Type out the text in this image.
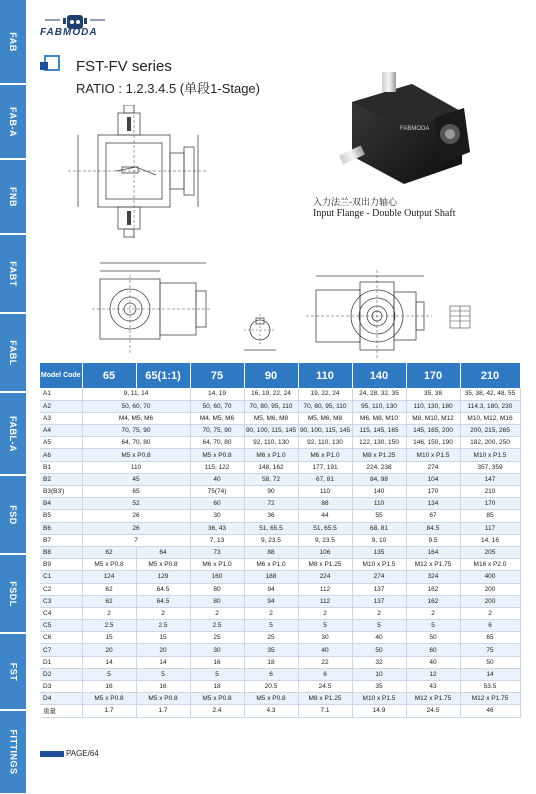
FAB
FAB-A
FNB
FABT
FABL
FABL-A
FSD
FSDL
FST
FITTINGS
FABMODA
FST-FV series
RATIO : 1.2.3.4.5 (单段1-Stage)
FABMODA
入力法兰-双出力轴心
Input Flange - Double Output Shaft
Model Code	65	65(1:1)	75	90	110	140	170	210
A1	9, 11, 14		14, 19	16, 19, 22, 24	19, 22, 24	24, 28, 32, 35	35, 38	35, 38, 42, 48, 55
A2	50, 60, 70		50, 60, 70	70, 80, 95, 110	70, 80, 95, 110	95, 110, 130	110, 130, 180	114.3, 180, 230
A3	M4, M5, M6		M4, M5, M6	M5, M6, M8	M5, M6, M8	M6, M8, M10	M8, M10, M12	M10, M12, M16
A4	70, 75, 90		70, 75, 90	90, 100, 115, 145	90, 100, 115, 145	115, 145, 165	145, 165, 200	200, 215, 265
A5	64, 70, 80		64, 70, 80	92, 110, 130	92, 110, 130	122, 130, 150	146, 150, 190	182, 200, 250
A6	M5 x P0.8		M5 x P0.8	M6 x P1.0	M6 x P1.0	M8 x P1.25	M10 x P1.5	M10 x P1.5
B1	110		115, 122	148, 162	177, 191	224, 238	274	357, 359
B2	45		40	58, 72	67, 81	84, 98	104	147
B3(B3')	65		75(74)	90	110	140	170	210
B4	52		60	72	88	110	134	170
B5	26		30	36	44	55	67	85
B6	26		36, 43	51, 65.5	51, 65.5	68, 81	84.5	117
B7	7		7, 13	9, 23.5	9, 23.5	9, 10	9.5	14, 16
B8	62	64	73	88	106	135	164	205
B9	M5 x P0.8	M5 x P0.8	M6 x P1.0	M6 x P1.0	M8 x P1.25	M10 x P1.5	M12 x P1.75	M16 x P2.0
C1	124	129	160	188	224	274	324	400
C2	62	64.5	80	94	112	137	162	200
C3	62	64.5	80	94	112	137	162	200
C4	2	2	2	2	2	2	2	2
C5	2.5	2.5	2.5	5	5	5	5	6
C6	15	15	25	25	30	40	50	65
C7	20	20	30	35	40	50	60	75
D1	14	14	16	18	22	32	40	50
D2	5	5	5	6	6	10	12	14
D3	16	16	18	20.5	24.5	35	43	53.5
D4	M5 x P0.8	M5 x P0.8	M5 x P0.8	M5 x P0.8	M8 x P1.25	M10 x P1.5	M12 x P1.75	M12 x P1.75
重量	1.7	1.7	2.4	4.3	7.1	14.9	24.5	46
PAGE/64
